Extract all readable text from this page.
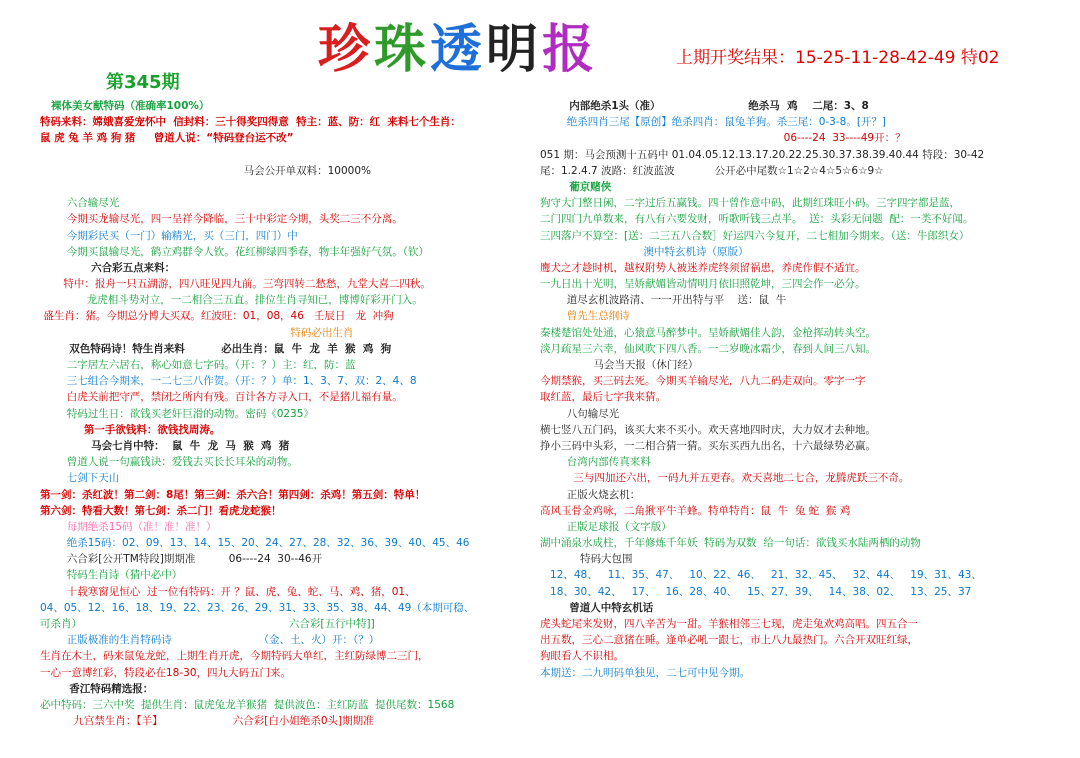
珍珠透明报	上期开奖结果：15-25-11-28-42-49 特02
第345期
裸体美女献特码（准确率100%）
特码来料：嫦娥喜爱宠怀中  信封料：三十得奖四得意  特主：蓝、防：红  来料七个生肖：
鼠 虎 兔 羊 鸡 狗 猪     曾道人说：“特码登台运不改”
马会公开单双料：10000%
六合输尽光
今期买龙输尽光，四一呈祥今降临，三十中彩定今期，头奖二三不分离。
今期彩民买（一门）输精光，买（三门，四门）中
今期买鼠输尽光，鹤立鸡群令人钦。花红柳绿四季春，物丰年强好气氛。（钦）
六合彩五点来料：
特中：报舟一只五湖游，四八旺见四九前。三弯四转二愁愁，九堂大喜二四秋。
龙虎相斗势对立，一二相合三五直。排位生肖寻知已，博博好彩开门入。
盛生肖：猪。今期总分博大买双。红波旺：01，08，46   壬辰日   龙  冲狗
特码必出生肖
双色特码诗！特生肖来料          必出生肖：鼠  牛  龙  羊  猴  鸡  狗
二字居左六居右，称心如意七字码。（开：？）主：红，防：蓝
三七组合今期来，一二七三八作贺。（开：？）单：1、3、7、双：2、4、8
白虎关前把守严，禁闭之所内有残。百计各方寻入口，不是猪儿福有量。
特码过生日：欲钱买老奸巨滑的动物。密码《0235》
第一手欲钱料：欲钱找周涛。
马会七肖中特：  鼠  牛  龙  马  猴  鸡  猪
曾道人说一句赢钱诀：爱钱去买长长耳朵的动物。
七剑下天山
第一剑：杀红波！第二剑：8尾！第三剑：杀六合！第四剑：杀鸡！第五剑：特单！
第六剑：特看大数！第七剑：杀二门！看虎龙蛇猴！
每期绝杀15码（准！准！准！）
绝杀15码：02、09、13、14、15、20、24、27、28、32、36、39、40、45、46
六合彩[公开TM特段]期期准          06----24  30--46开
特码生肖诗（猜中必中）
十载寒窗见恒心  过一位有特码：开 ？鼠、虎、兔、蛇、马、鸡、猪，01、
04、05、12、16、18、19、22、23、26、29、31、33、35、38、44、49（本期可稳、
可杀肖）                                                              六合彩[五行中特]]
正版极准的生肖特码诗                          （金、土、火）开：（？）
生肖在木土，码来鼠兔龙蛇，上期生肖开虎，今期特码大单红，主红防绿博二三门，
一心一意博红彩，特段必在18-30，四九大码五门来。
香江特码精选报：
必中特码：三六中奖  提供生肖：鼠虎兔龙羊猴猪  提供波色：主红防蓝  提供尾数：1568
九宫禁生肖：【羊】                     六合彩[白小姐绝杀0头]期期准
内部绝杀1头（准）                        绝杀马  鸡    二尾：3、8
绝杀四肖三尾【原创】绝杀四肖：鼠兔羊狗。杀三尾：0-3-8。[开？]
06----24  33----49开：？
051 期：马会预测十五码中 01.04.05.12.13.17.20.22.25.30.37.38.39.40.44 特段：30-42
尾：1.2.4.7 波路：红波蓝波            公开必中尾数☆1☆2☆4☆5☆6☆9☆
葡京赌侠
狗守大门整日闲，二字过后五赢钱。四十曾作意中码，此期红珠旺小码。三字四字都是蓝，
二门四门九单数来，有八有六要发财，听歌听钱三点半。  送：头彩无问题  配：一类不好闻。
三四落户不算空：[送：二三五八合数］好运四六今复开，二七相加今期来。（送：牛郎织女）
澳中特玄机诗（原版）
鹰犬之才趁时机，越权附势人被迷养虎终须留祸患，养虎作假不适宜。
一九日出十光明，呈娇献媚皆动情明月依旧照乾坤，三四会作一必分。
道尽玄机波路清、一一开出特与平    送：鼠  牛
曾先生总纲诗
秦楼楚馆处处通，心猿意马醉梦中。呈娇献媚佳人韵，金枪挥动转头空。
淡月疏星三六幸，仙风吹下四八香。一二岁晚冰霜少，春到人间三八知。
马会当天报（休门经）
今期禁猴，买三码去死。今期买羊输尽光，八九二码走双向。零字一字
取红蓝，最后七字我来猜。
八句输尽光
横七竖八五门码，该买大来不买小。欢天喜地四时庆，大力奴才去种地。
挣小三码中头彩，一二相合猜一猜。买东买西九出名，十六最绿势必赢。
台湾内部传真来料
三与四加还六出，一码九并五更春。欢天喜地二七合，龙腾虎跃三不奇。
正版火烧玄机：
高风玉骨金鸡咏，二角揪平牛羊蜂。特单特肖：鼠  牛  兔 蛇  猴 鸡
正版足球报（文字版）
湖中涌泉水成柱，千年修炼千年妖  特码为双数  给一句话：欲钱买水陆两栖的动物
特码大包围
12、48、   11、35、47、   10、22、46、   21、32、45、   32、44、   19、31、43、
18、30、42、   17、   16、28、40、   15、27、39、   14、38、02、   13、25、37
曾道人中特玄机话
虎头蛇尾来发财，四八辛苦为一甜。羊猴相邻三七现，虎走兔欢鸡高唱。四五合一
出五数，三心二意猪在睡。逢单必吼一跟七，市上八九最热门。六合开双旺红绿，
狗眼看人不识相。
本期送：二九明码单独见，二七可中见今期。
